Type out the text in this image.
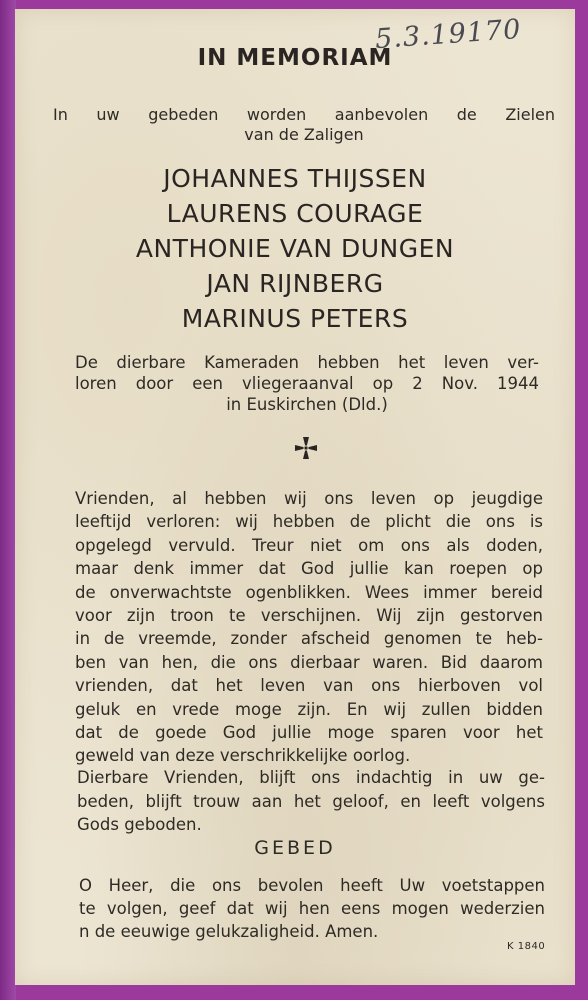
5.3.19170
IN MEMORIAM
In uw gebeden worden aanbevolen de Zielen
van de Zaligen
JOHANNES THIJSSEN
LAURENS COURAGE
ANTHONIE VAN DUNGEN
JAN RIJNBERG
MARINUS PETERS
De dierbare Kameraden hebben het leven ver-
loren door een vliegeraanval op 2 Nov. 1944
in Euskirchen (Dld.)
Vrienden, al hebben wij ons leven op jeugdige
leeftijd verloren: wij hebben de plicht die ons is
opgelegd vervuld. Treur niet om ons als doden,
maar denk immer dat God jullie kan roepen op
de onverwachtste ogenblikken. Wees immer bereid
voor zijn troon te verschijnen. Wij zijn gestorven
in de vreemde, zonder afscheid genomen te heb-
ben van hen, die ons dierbaar waren. Bid daarom
vrienden, dat het leven van ons hierboven vol
geluk en vrede moge zijn. En wij zullen bidden
dat de goede God jullie moge sparen voor het
geweld van deze verschrikkelijke oorlog.
Dierbare Vrienden, blijft ons indachtig in uw ge-
beden, blijft trouw aan het geloof, en leeft volgens
Gods geboden.
GEBED
O Heer, die ons bevolen heeft Uw voetstappen
te volgen, geef dat wij hen eens mogen wederzien
n de eeuwige gelukzaligheid. Amen.
K 1840
